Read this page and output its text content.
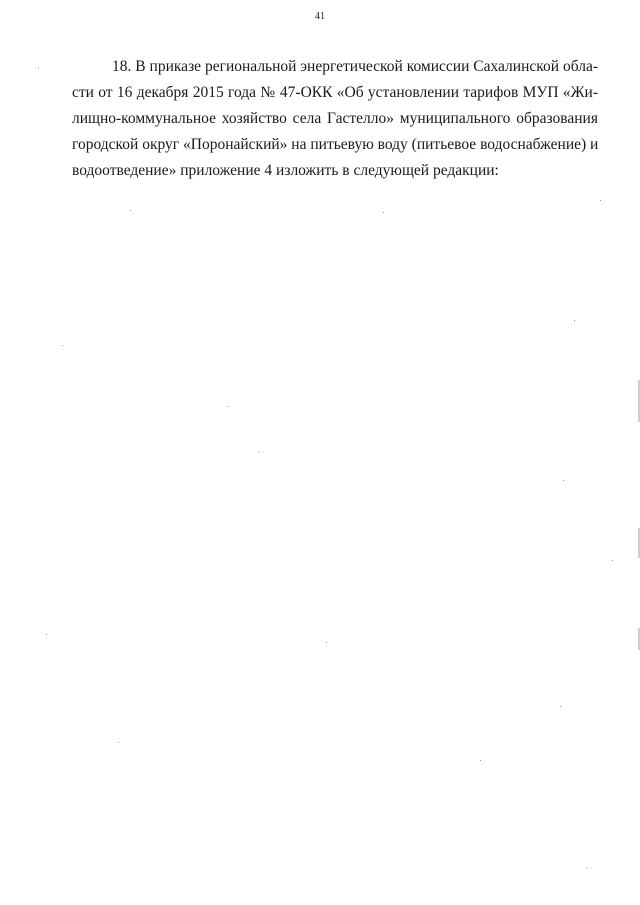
41
18. В приказе региональной энергетической комиссии Сахалинской обла-
сти от 16 декабря 2015 года № 47-ОКК «Об установлении тарифов МУП «Жи-
лищно-коммунальное хозяйство села Гастелло» муниципального образования
городской округ «Поронайский» на питьевую воду (питьевое водоснабжение) и
водоотведение» приложение 4 изложить в следующей редакции:
